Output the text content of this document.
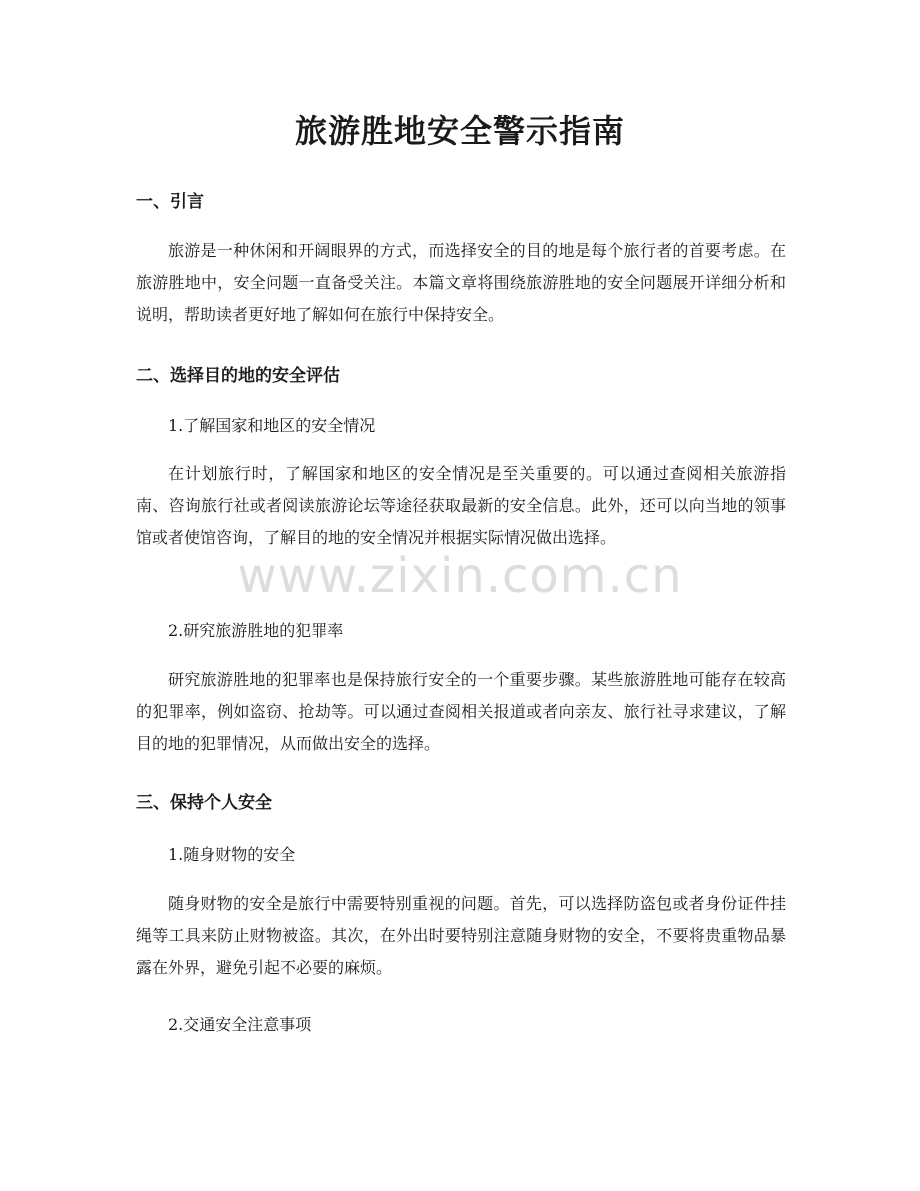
旅游胜地安全警示指南
一、引言
旅游是一种休闲和开阔眼界的方式，而选择安全的目的地是每个旅行者的首要考虑。在旅游胜地中，安全问题一直备受关注。本篇文章将围绕旅游胜地的安全问题展开详细分析和说明，帮助读者更好地了解如何在旅行中保持安全。
二、选择目的地的安全评估
1.了解国家和地区的安全情况
在计划旅行时，了解国家和地区的安全情况是至关重要的。可以通过查阅相关旅游指南、咨询旅行社或者阅读旅游论坛等途径获取最新的安全信息。此外，还可以向当地的领事馆或者使馆咨询，了解目的地的安全情况并根据实际情况做出选择。
2.研究旅游胜地的犯罪率
研究旅游胜地的犯罪率也是保持旅行安全的一个重要步骤。某些旅游胜地可能存在较高的犯罪率，例如盗窃、抢劫等。可以通过查阅相关报道或者向亲友、旅行社寻求建议，了解目的地的犯罪情况，从而做出安全的选择。
三、保持个人安全
1.随身财物的安全
随身财物的安全是旅行中需要特别重视的问题。首先，可以选择防盗包或者身份证件挂绳等工具来防止财物被盗。其次，在外出时要特别注意随身财物的安全，不要将贵重物品暴露在外界，避免引起不必要的麻烦。
2.交通安全注意事项
www.zixin.com.cn
